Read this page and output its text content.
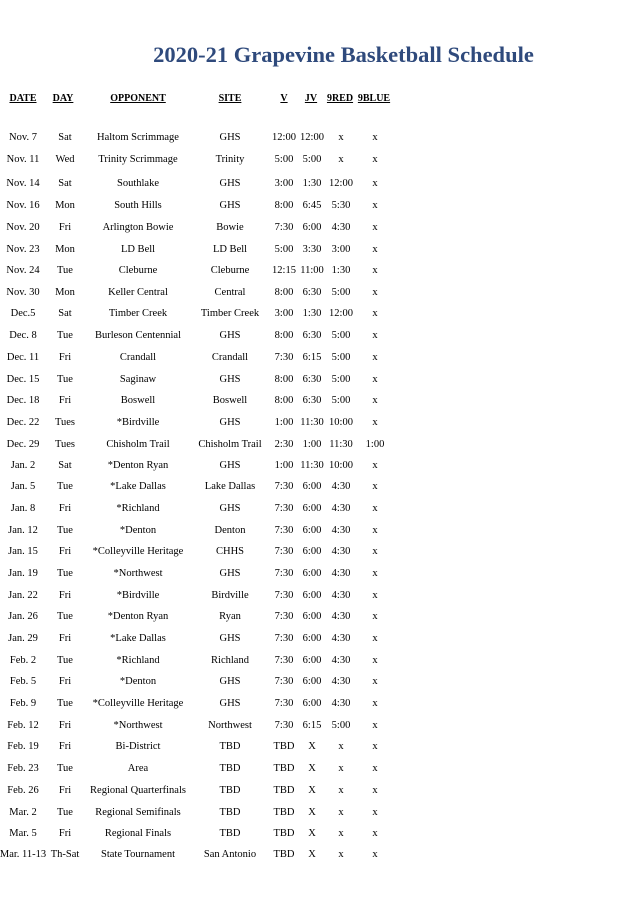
2020-21 Grapevine Basketball Schedule
DATE	DAY	OPPONENT	SITE	V	JV 9RED 9BLUE
Nov. 7	Sat	Haltom Scrimmage	GHS	12:00 12:00	x	x
Nov. 11	Wed	Trinity Scrimmage	Trinity	5:00 5:00	x	x
Nov. 14	Sat	Southlake	GHS	3:00 1:30 12:00	x
Nov. 16	Mon	South Hills	GHS	8:00 6:45 5:30	x
Nov. 20	Fri	Arlington Bowie	Bowie	7:30 6:00 4:30	x
Nov. 23	Mon	LD Bell	LD Bell	5:00 3:30 3:00	x
Nov. 24	Tue	Cleburne	Cleburne	12:15 11:00 1:30	x
Nov. 30	Mon	Keller Central	Central	8:00 6:30 5:00	x
Dec.5	Sat	Timber Creek	Timber Creek	3:00 1:30 12:00	x
Dec. 8	Tue	Burleson Centennial	GHS	8:00 6:30 5:00	x
Dec. 11	Fri	Crandall	Crandall	7:30 6:15 5:00	x
Dec. 15	Tue	Saginaw	GHS	8:00 6:30 5:00	x
Dec. 18	Fri	Boswell	Boswell	8:00 6:30 5:00	x
Dec. 22	Tues	*Birdville	GHS	1:00 11:30 10:00	x
Dec. 29	Tues	Chisholm Trail	Chisholm Trail	2:30 1:00 11:30	1:00
Jan. 2	Sat	*Denton Ryan	GHS	1:00 11:30 10:00	x
Jan. 5	Tue	*Lake Dallas	Lake Dallas	7:30 6:00 4:30	x
Jan. 8	Fri	*Richland	GHS	7:30 6:00 4:30	x
Jan. 12	Tue	*Denton	Denton	7:30 6:00 4:30	x
Jan. 15	Fri	*Colleyville Heritage	CHHS	7:30 6:00 4:30	x
Jan. 19	Tue	*Northwest	GHS	7:30 6:00 4:30	x
Jan. 22	Fri	*Birdville	Birdville	7:30 6:00 4:30	x
Jan. 26	Tue	*Denton Ryan	Ryan	7:30 6:00 4:30	x
Jan. 29	Fri	*Lake Dallas	GHS	7:30 6:00 4:30	x
Feb. 2	Tue	*Richland	Richland	7:30 6:00 4:30	x
Feb. 5	Fri	*Denton	GHS	7:30 6:00 4:30	x
Feb. 9	Tue	*Colleyville Heritage	GHS	7:30 6:00 4:30	x
Feb. 12	Fri	*Northwest	Northwest	7:30 6:15 5:00	x
Feb. 19	Fri	Bi-District	TBD	TBD	X	x	x
Feb. 23	Tue	Area	TBD	TBD	X	x	x
Feb. 26	Fri	Regional Quarterfinals	TBD	TBD	X	x	x
Mar. 2	Tue	Regional Semifinals	TBD	TBD	X	x	x
Mar. 5	Fri	Regional Finals	TBD	TBD	X	x	x
Mar. 11-13 Th-Sat	State Tournament	San Antonio	TBD	X	x	x
